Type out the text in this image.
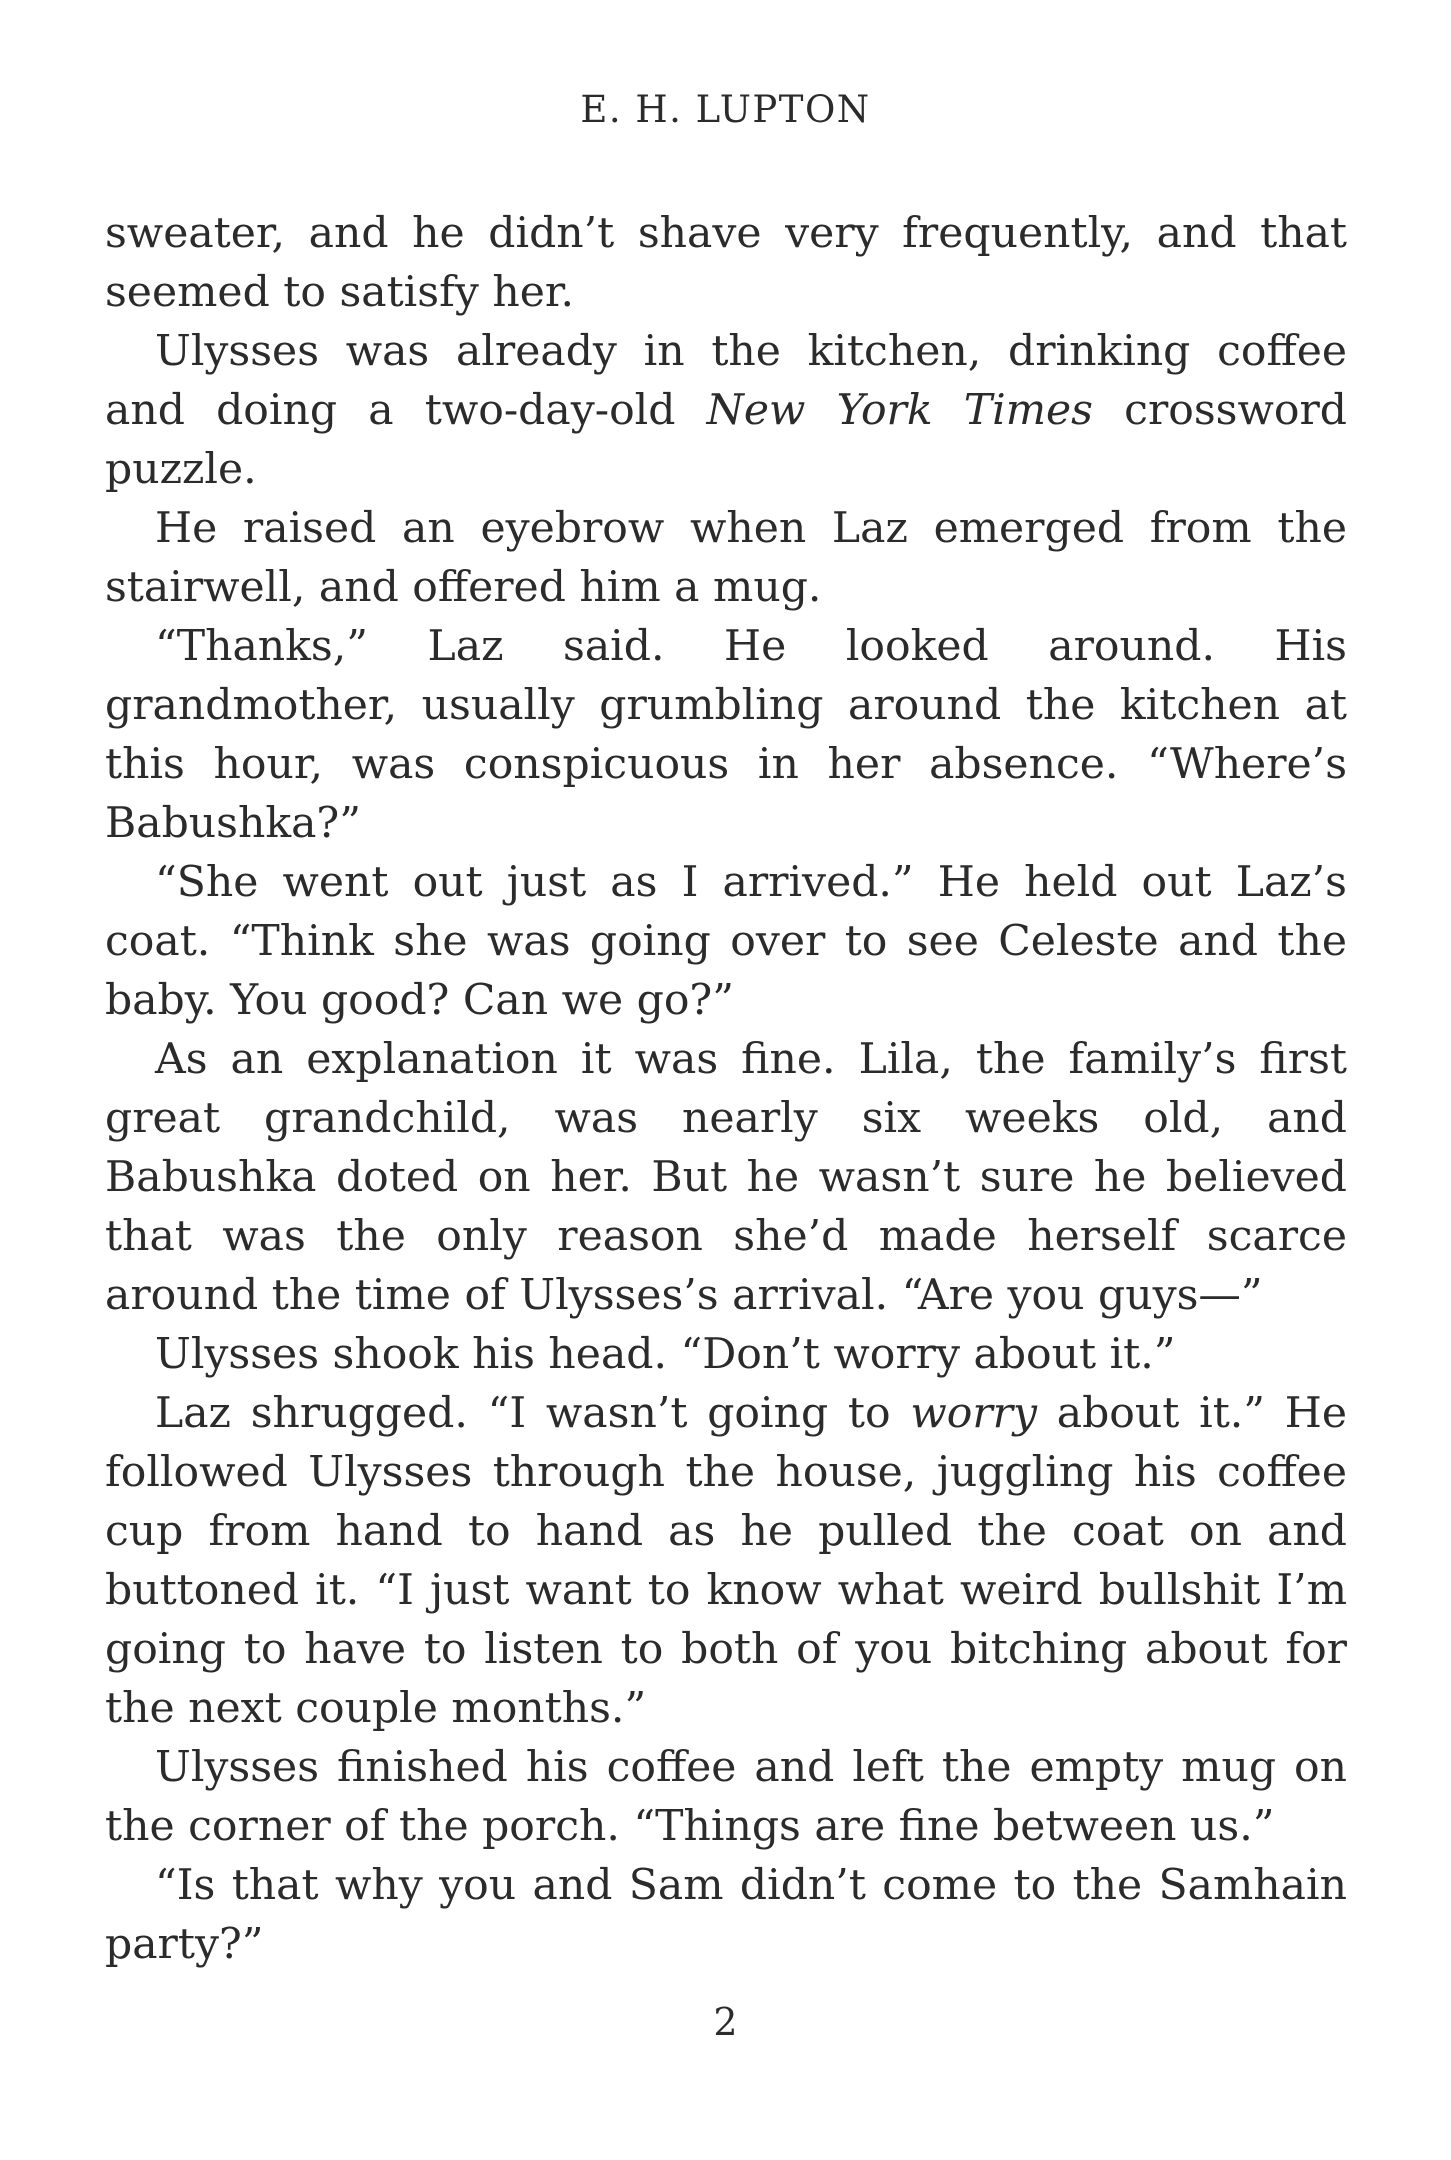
E. H. LUPTON

sweater, and he didn’t shave very frequently, and that seemed to satisfy her.

Ulysses was already in the kitchen, drinking coffee and doing a two-day-old New York Times crossword puzzle.

He raised an eyebrow when Laz emerged from the stairwell, and offered him a mug.

“Thanks,” Laz said. He looked around. His grandmother, usually grumbling around the kitchen at this hour, was conspicuous in her absence. “Where’s Babushka?”

“She went out just as I arrived.” He held out Laz’s coat. “Think she was going over to see Celeste and the baby. You good? Can we go?”

As an explanation it was fine. Lila, the family’s first great grandchild, was nearly six weeks old, and Babushka doted on her. But he wasn’t sure he believed that was the only reason she’d made herself scarce around the time of Ulysses’s arrival. “Are you guys—”

Ulysses shook his head. “Don’t worry about it.”

Laz shrugged. “I wasn’t going to worry about it.” He followed Ulysses through the house, juggling his coffee cup from hand to hand as he pulled the coat on and buttoned it. “I just want to know what weird bullshit I’m going to have to listen to both of you bitching about for the next couple months.”

Ulysses finished his coffee and left the empty mug on the corner of the porch. “Things are fine between us.”

“Is that why you and Sam didn’t come to the Samhain party?”

2
